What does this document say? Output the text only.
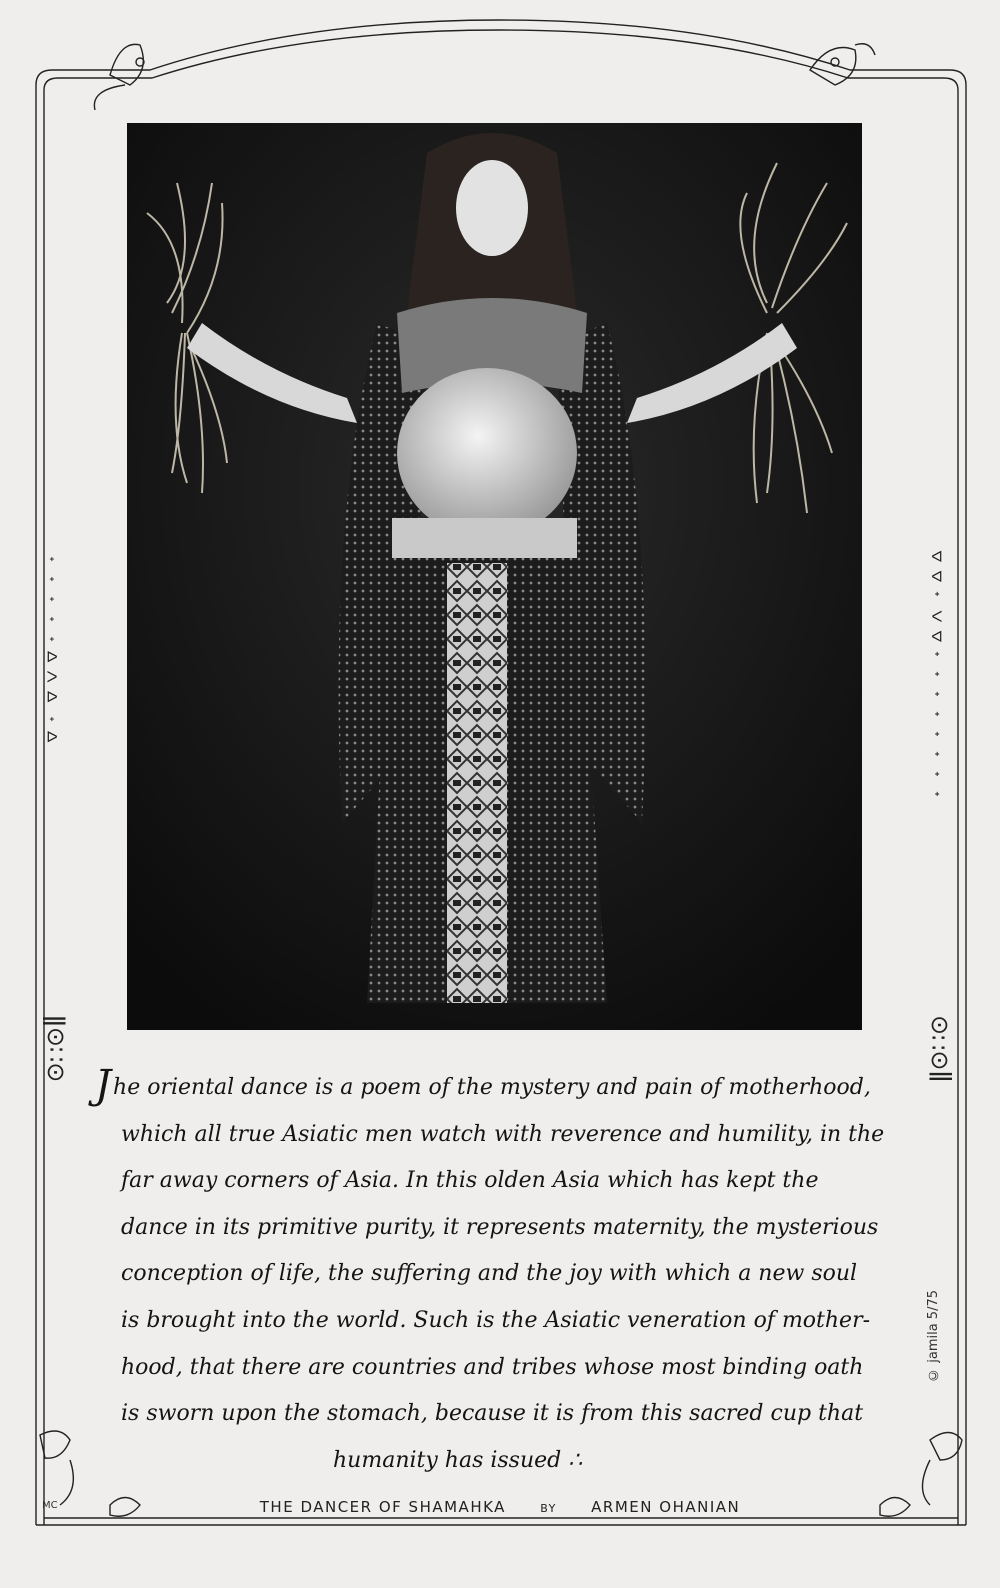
ᐊᐩᐊᐸᐊᐩᐩᐩᐩᐩ	ᐊᐊᐩᐸᐊᐩᐩᐩᐩᐩᐩᐩᐩ
ǁ⊙∷⊙	ǁ⊙∷⊙
© jamila 5/75
MC
Jhe oriental dance is a poem of the mystery and pain of motherhood,
which all true Asiatic men watch with reverence and humility, in the
far away corners of Asia. In this olden Asia which has kept the
dance in its primitive purity, it represents maternity, the mysterious
conception of life, the suffering and the joy with which a new soul
is brought into the world. Such is the Asiatic veneration of mother-
hood, that there are countries and tribes whose most binding oath
is sworn upon the stomach, because it is from this sacred cup that
humanity has issued ∴
THE DANCER OF SHAMAHKA	BY ARMEN OHANIAN
